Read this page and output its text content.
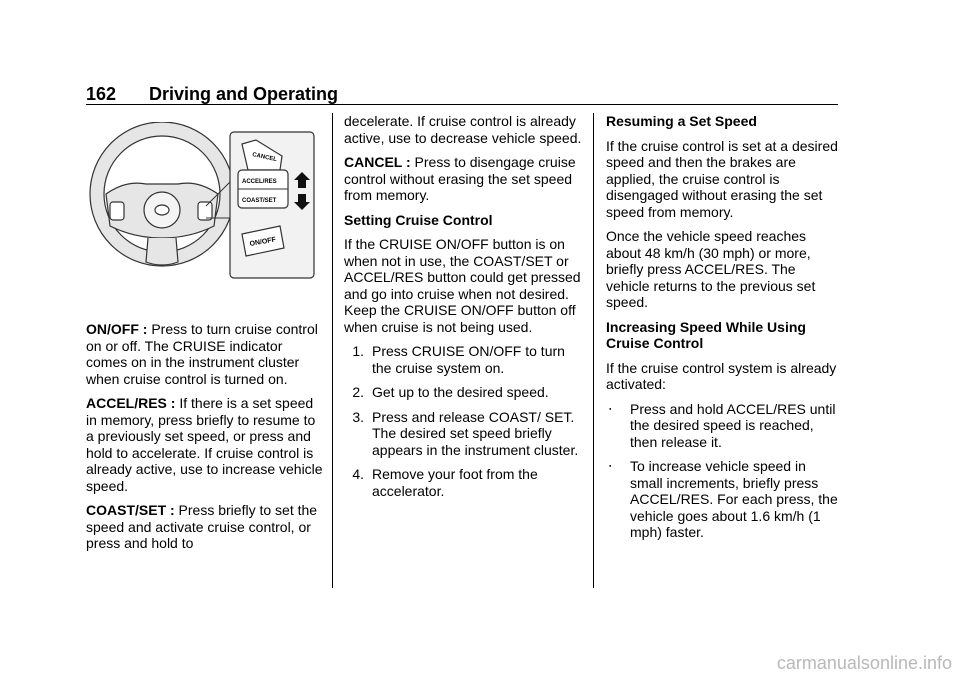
162 Driving and Operating
CANCEL
ACCEL/RES
COAST/SET
ON/OFF

ON/OFF : Press to turn cruise control on or off. The CRUISE indicator comes on in the instrument cluster when cruise control is turned on.

ACCEL/RES : If there is a set speed in memory, press briefly to resume to a previously set speed, or press and hold to accelerate. If cruise control is already active, use to increase vehicle speed.

COAST/SET : Press briefly to set the speed and activate cruise control, or press and hold to

decelerate. If cruise control is already active, use to decrease vehicle speed.

CANCEL : Press to disengage cruise control without erasing the set speed from memory.

Setting Cruise Control

If the CRUISE ON/OFF button is on when not in use, the COAST/SET or ACCEL/RES button could get pressed and go into cruise when not desired. Keep the CRUISE ON/OFF button off when cruise is not being used.

1. Press CRUISE ON/OFF to turn the cruise system on.
2. Get up to the desired speed.
3. Press and release COAST/ SET. The desired set speed briefly appears in the instrument cluster.
4. Remove your foot from the accelerator.

Resuming a Set Speed

If the cruise control is set at a desired speed and then the brakes are applied, the cruise control is disengaged without erasing the set speed from memory.

Once the vehicle speed reaches about 48 km/h (30 mph) or more, briefly press ACCEL/RES. The vehicle returns to the previous set speed.

Increasing Speed While Using Cruise Control

If the cruise control system is already activated:

‧	Press and hold ACCEL/RES until the desired speed is reached, then release it.
‧	To increase vehicle speed in small increments, briefly press ACCEL/RES. For each press, the vehicle goes about 1.6 km/h (1 mph) faster.
carmanualsonline.info
